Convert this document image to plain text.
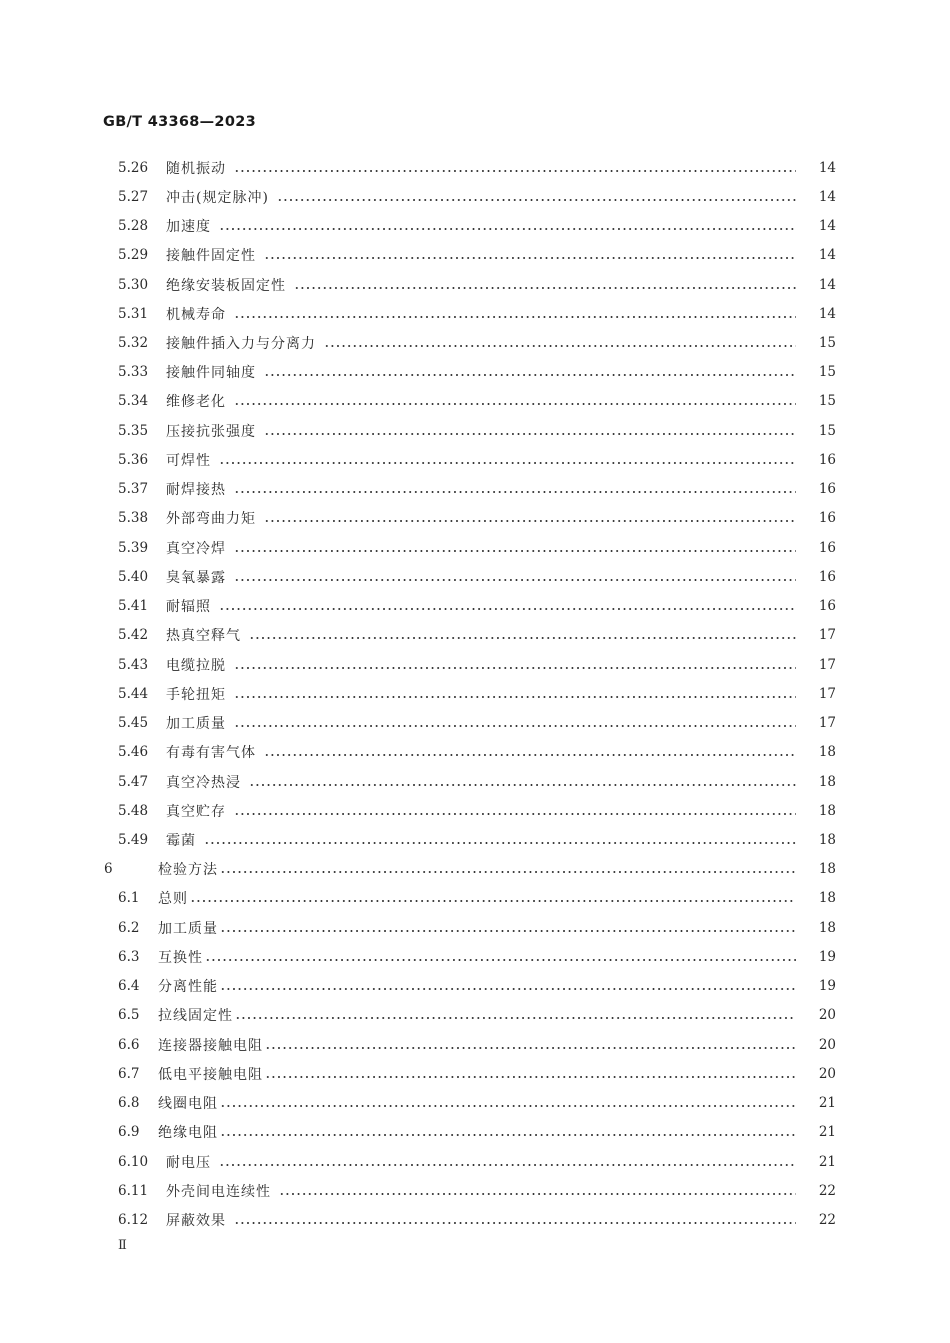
GB/T 43368—2023
5.26	随机振动	14
5.27	冲击(规定脉冲)	14
5.28	加速度	14
5.29	接触件固定性	14
5.30	绝缘安装板固定性	14
5.31	机械寿命	14
5.32	接触件插入力与分离力	15
5.33	接触件同轴度	15
5.34	维修老化	15
5.35	压接抗张强度	15
5.36	可焊性	16
5.37	耐焊接热	16
5.38	外部弯曲力矩	16
5.39	真空冷焊	16
5.40	臭氧暴露	16
5.41	耐辐照	16
5.42	热真空释气	17
5.43	电缆拉脱	17
5.44	手轮扭矩	17
5.45	加工质量	17
5.46	有毒有害气体	18
5.47	真空冷热浸	18
5.48	真空贮存	18
5.49	霉菌	18
6	检验方法	18
6.1	总则	18
6.2	加工质量	18
6.3	互换性	19
6.4	分离性能	19
6.5	拉线固定性	20
6.6	连接器接触电阻	20
6.7	低电平接触电阻	20
6.8	线圈电阻	21
6.9	绝缘电阻	21
6.10	耐电压	21
6.11	外壳间电连续性	22
6.12	屏蔽效果	22
Ⅱ
